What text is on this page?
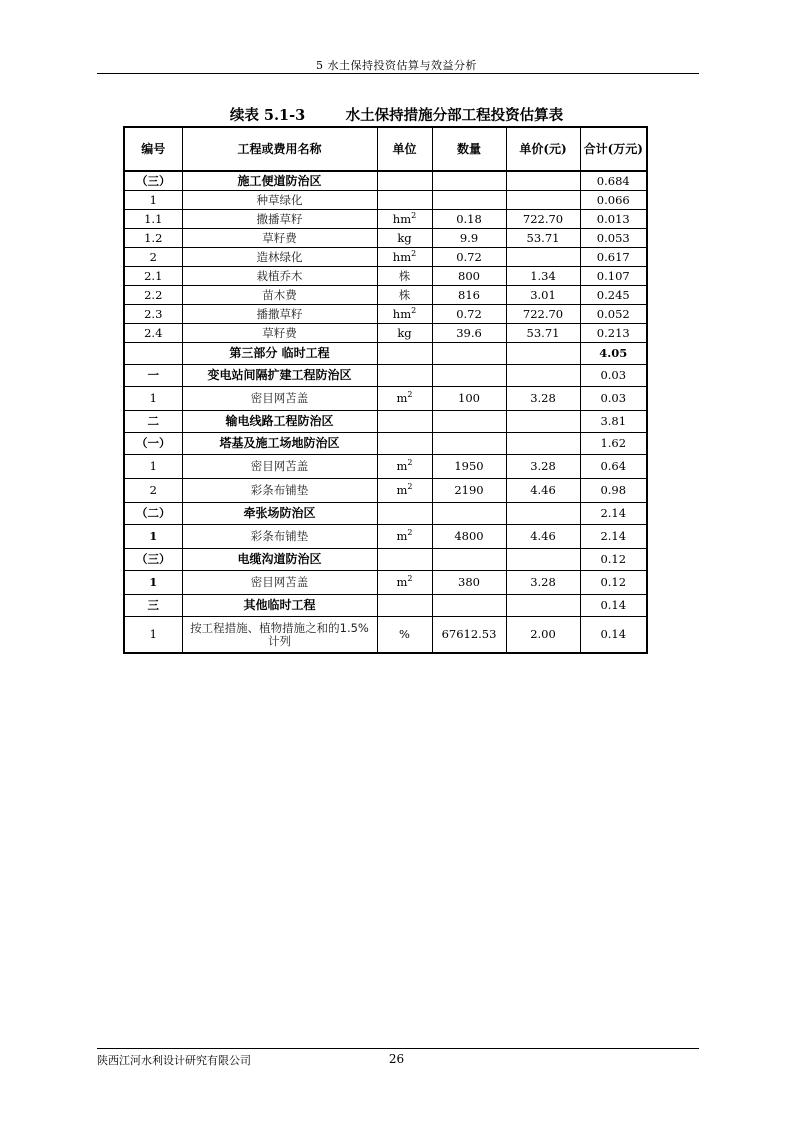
5 水土保持投资估算与效益分析
续表 5.1-3	水土保持措施分部工程投资估算表
编号	工程或费用名称	单位	数量	单价(元)	合计(万元)
（三）	施工便道防治区				0.684
1	种草绿化				0.066
1.1	撒播草籽	$hm^2$	0.18	722.70	0.013
1.2	草籽费	kg	9.9	53.71	0.053
2	造林绿化	$hm^2$	0.72		0.617
2.1	栽植乔木	株	800	1.34	0.107
2.2	苗木费	株	816	3.01	0.245
2.3	播撒草籽	$hm^2$	0.72	722.70	0.052
2.4	草籽费	kg	39.6	53.71	0.213
	第三部分 临时工程				4.05
一	变电站间隔扩建工程防治区				0.03
1	密目网苫盖	$m^2$	100	3.28	0.03
二	输电线路工程防治区				3.81
（一）	塔基及施工场地防治区				1.62
1	密目网苫盖	$m^2$	1950	3.28	0.64
2	彩条布铺垫	$m^2$	2190	4.46	0.98
（二）	牵张场防治区				2.14
1	彩条布铺垫	$m^2$	4800	4.46	2.14
（三）	电缆沟道防治区				0.12
1	密目网苫盖	$m^2$	380	3.28	0.12
三	其他临时工程				0.14
1	按工程措施、植物措施之和的1.5%计列	%	67612.53	2.00	0.14
陕西江河水利设计研究有限公司	26
